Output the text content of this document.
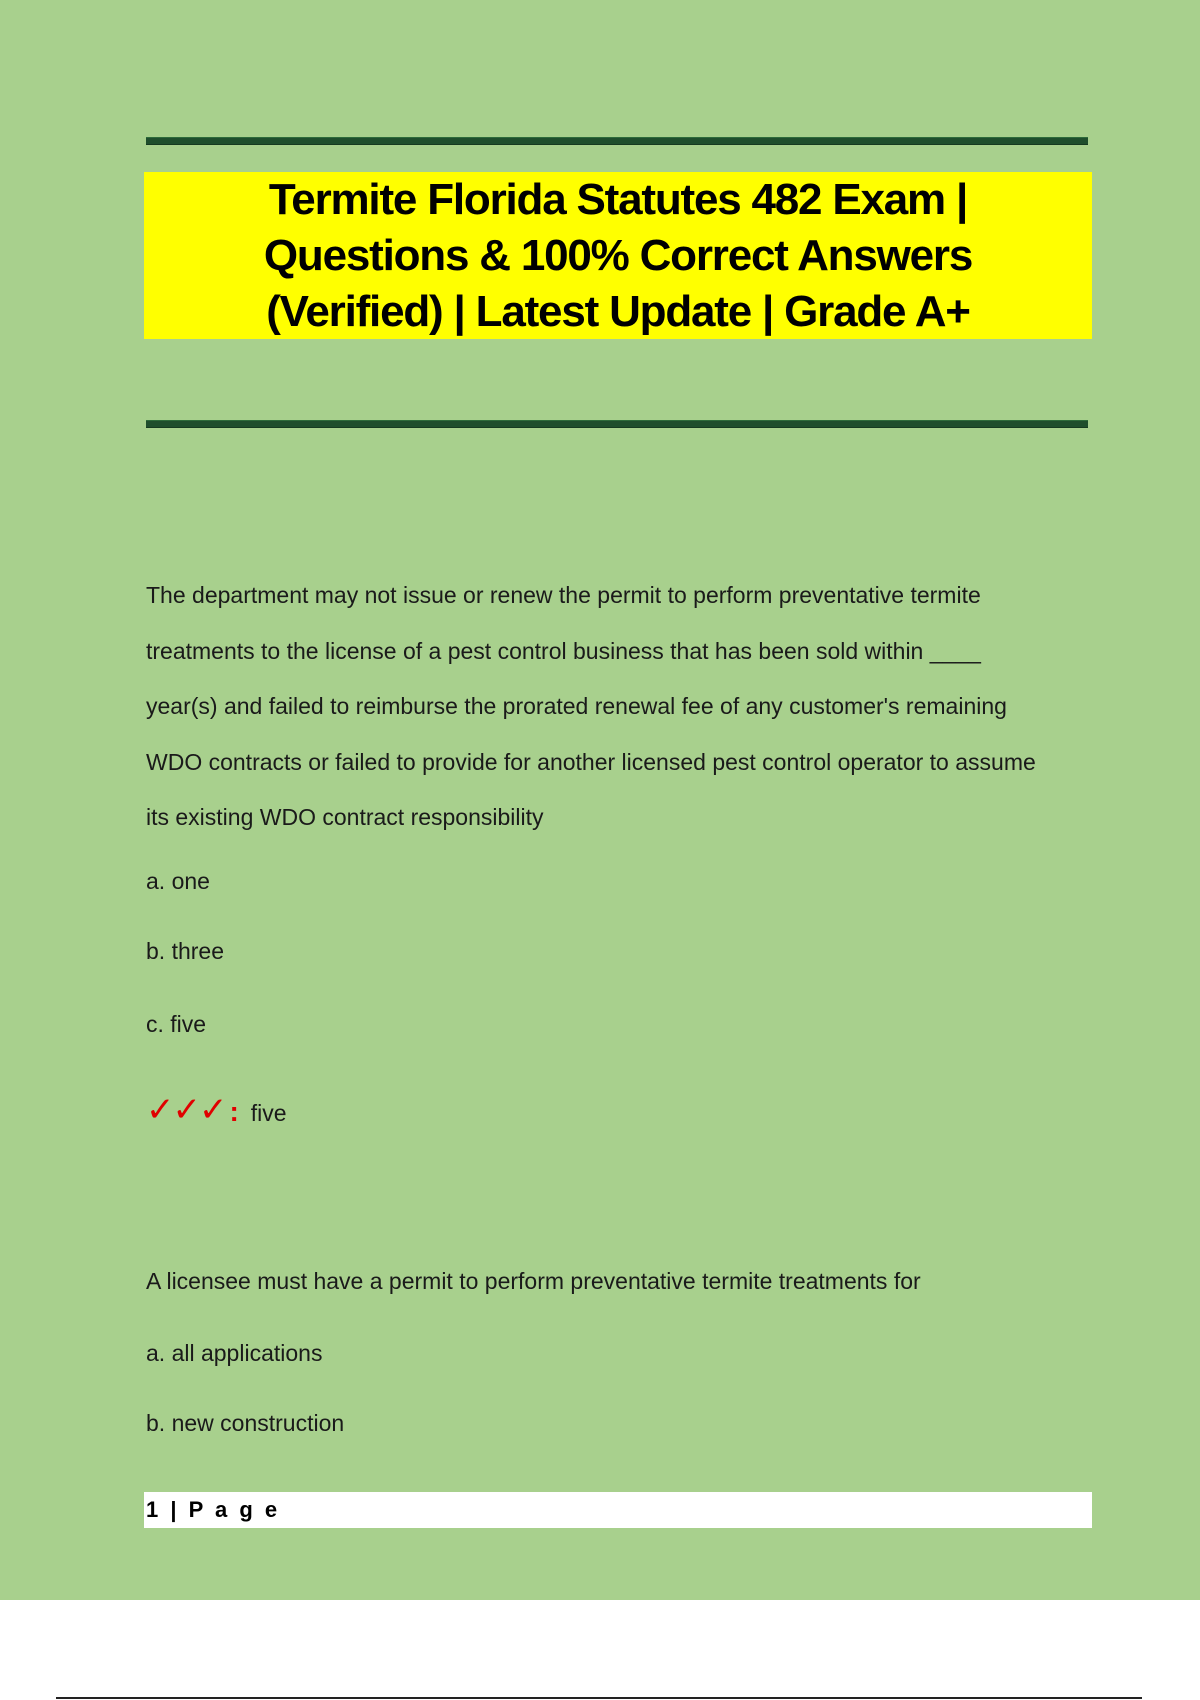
Termite Florida Statutes 482 Exam | Questions & 100% Correct Answers (Verified) | Latest Update | Grade A+

The department may not issue or renew the permit to perform preventative termite
treatments to the license of a pest control business that has been sold within ____
year(s) and failed to reimburse the prorated renewal fee of any customer's remaining
WDO contracts or failed to provide for another licensed pest control operator to assume
its existing WDO contract responsibility

a. one

b. three

c. five

✓✓✓ : five

A licensee must have a permit to perform preventative termite treatments for

a. all applications

b. new construction

1 | P a g e
